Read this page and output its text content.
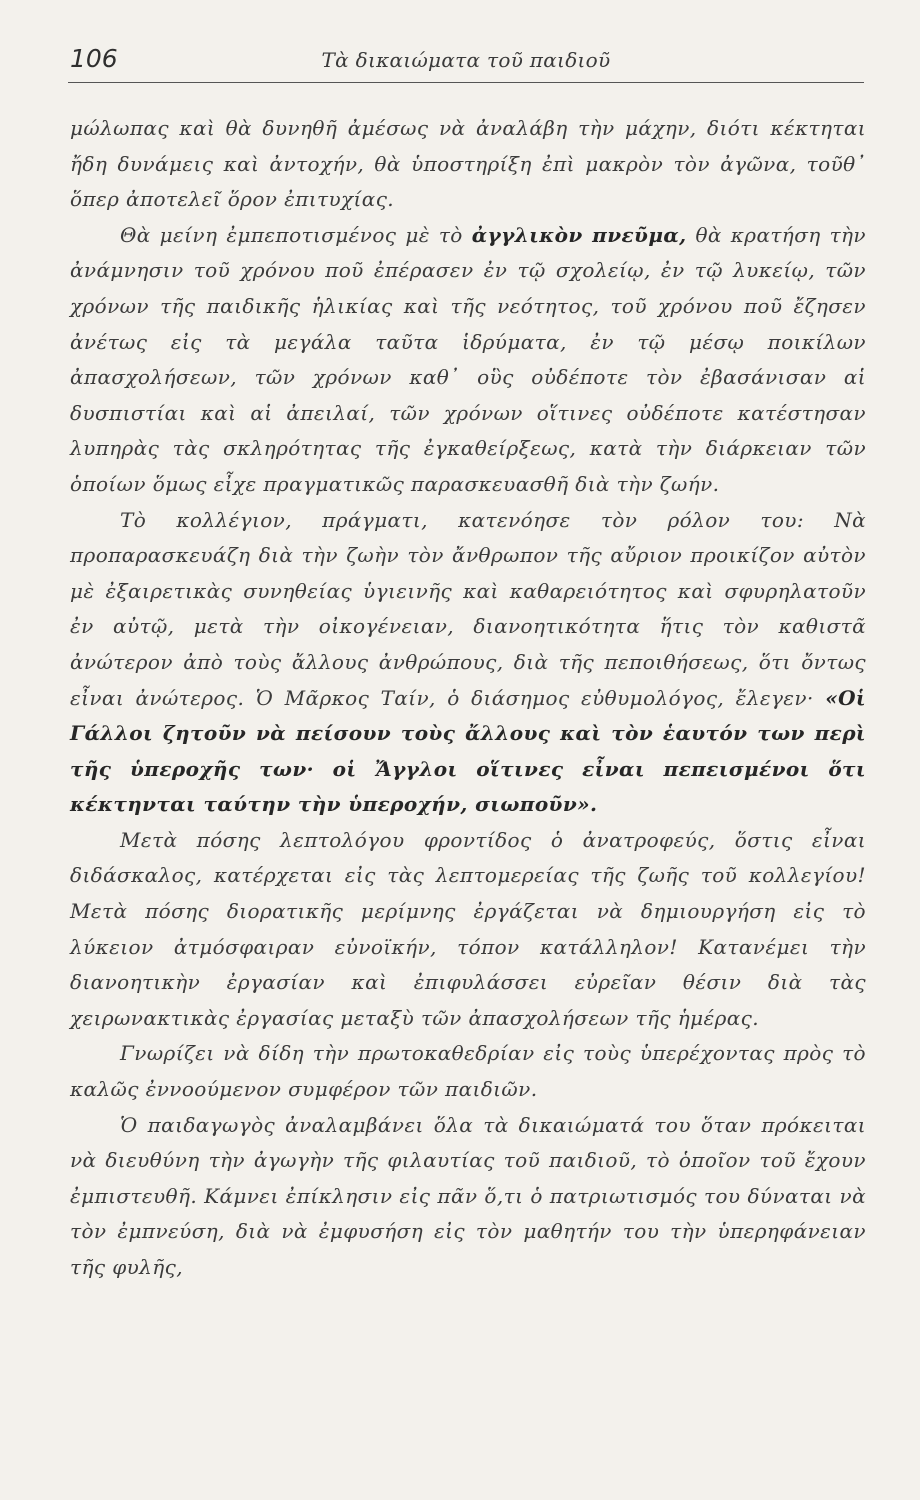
106	Τὰ δικαιώματα τοῦ παιδιοῦ

μώλωπας καὶ θὰ δυνηθῆ ἀμέσως νὰ ἀναλάβη τὴν μάχην, διότι κέκτηται ἤδη δυνάμεις καὶ ἀντοχήν, θὰ ὑποστηρίξη ἐπὶ μακρὸν τὸν ἀγῶνα, τοῦθ᾽ ὅπερ ἀποτελεῖ ὅρον ἐπιτυχίας.

Θὰ μείνη ἐμπεποτισμένος μὲ τὸ ἀγγλικὸν πνεῦμα, θὰ κρατήση τὴν ἀνάμνησιν τοῦ χρόνου ποῦ ἐπέρασεν ἐν τῷ σχολείῳ, ἐν τῷ λυκείῳ, τῶν χρόνων τῆς παιδικῆς ἡλικίας καὶ τῆς νεότητος, τοῦ χρόνου ποῦ ἔζησεν ἀνέτως εἰς τὰ μεγάλα ταῦτα ἱδρύματα, ἐν τῷ μέσῳ ποικίλων ἀπασχολήσεων, τῶν χρόνων καθ᾽ οὓς οὐδέποτε τὸν ἐβασάνισαν αἱ δυσπιστίαι καὶ αἱ ἀπειλαί, τῶν χρόνων οἵτινες οὐδέποτε κατέστησαν λυπηρὰς τὰς σκληρότητας τῆς ἐγκαθείρξεως, κατὰ τὴν διάρκειαν τῶν ὁποίων ὅμως εἶχε πραγματικῶς παρασκευασθῆ διὰ τὴν ζωήν.

Τὸ κολλέγιον, πράγματι, κατενόησε τὸν ρόλον του: Νὰ προπαρασκευάζη διὰ τὴν ζωὴν τὸν ἄνθρωπον τῆς αὔριον προικίζον αὐτὸν μὲ ἐξαιρετικὰς συνηθείας ὑγιεινῆς καὶ καθαρειότητος καὶ σφυρηλατοῦν ἐν αὐτῷ, μετὰ τὴν οἰκογένειαν, διανοητικότητα ἥτις τὸν καθιστᾶ ἀνώτερον ἀπὸ τοὺς ἄλλους ἀνθρώπους, διὰ τῆς πεποιθήσεως, ὅτι ὄντως εἶναι ἀνώτερος. Ὁ Μᾶρκος Ταίν, ὁ διάσημος εὐθυμολόγος, ἔλεγεν· «Οἱ Γάλλοι ζητοῦν νὰ πείσουν τοὺς ἄλλους καὶ τὸν ἑαυτόν των περὶ τῆς ὑπεροχῆς των· οἱ Ἄγγλοι οἵτινες εἶναι πεπεισμένοι ὅτι κέκτηνται ταύτην τὴν ὑπεροχήν, σιωποῦν».

Μετὰ πόσης λεπτολόγου φροντίδος ὁ ἀνατροφεύς, ὅστις εἶναι διδάσκαλος, κατέρχεται εἰς τὰς λεπτομερείας τῆς ζωῆς τοῦ κολλεγίου! Μετὰ πόσης διορατικῆς μερίμνης ἐργάζεται νὰ δημιουργήση εἰς τὸ λύκειον ἀτμόσφαιραν εὐνοϊκήν, τόπον κατάλληλον! Κατανέμει τὴν διανοητικὴν ἐργασίαν καὶ ἐπιφυλάσσει εὐρεῖαν θέσιν διὰ τὰς χειρωνακτικὰς ἐργασίας μεταξὺ τῶν ἀπασχολήσεων τῆς ἡμέρας.

Γνωρίζει νὰ δίδη τὴν πρωτοκαθεδρίαν εἰς τοὺς ὑπερέχοντας πρὸς τὸ καλῶς ἐννοούμενον συμφέρον τῶν παιδιῶν.

Ὁ παιδαγωγὸς ἀναλαμβάνει ὅλα τὰ δικαιώματά του ὅταν πρόκειται νὰ διευθύνη τὴν ἀγωγὴν τῆς φιλαυτίας τοῦ παιδιοῦ, τὸ ὁποῖον τοῦ ἔχουν ἐμπιστευθῆ. Κάμνει ἐπίκλησιν εἰς πᾶν ὅ,τι ὁ πατριωτισμός του δύναται νὰ τὸν ἐμπνεύση, διὰ νὰ ἐμφυσήση εἰς τὸν μαθητήν του τὴν ὑπερηφάνειαν τῆς φυλῆς,
